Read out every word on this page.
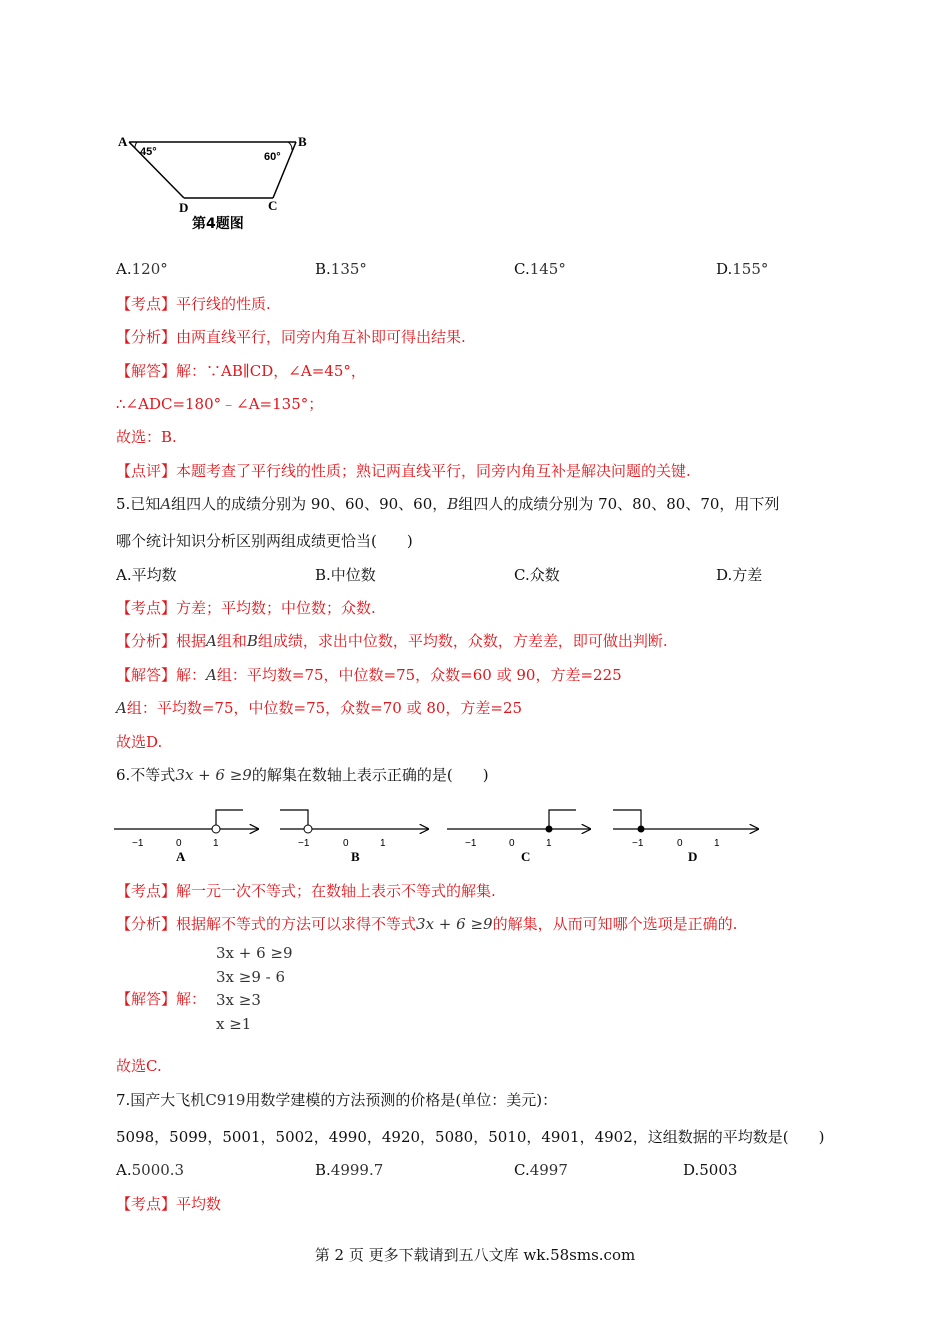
A
45°
B
60°
D	C
第4题图
A.120°	B.135°	C.145°	D.155°
【考点】平行线的性质.
【分析】由两直线平行，同旁内角互补即可得出结果.
【解答】解：∵AB∥CD，∠A=45°，
∴∠ADC=180°﹣∠A=135°；
故选：B.
【点评】本题考查了平行线的性质；熟记两直线平行，同旁内角互补是解决问题的关键.
5.已知A组四人的成绩分别为 90、60、90、60，B组四人的成绩分别为 70、80、80、70，用下列
哪个统计知识分析区别两组成绩更恰当(　　)
A.平均数	B.中位数	C.众数	D.方差
【考点】方差；平均数；中位数；众数.
【分析】根据A组和B组成绩，求出中位数，平均数，众数，方差差，即可做出判断.
【解答】解：A组：平均数=75，中位数=75，众数=60 或 90，方差=225
A组：平均数=75，中位数=75，众数=70 或 80，方差=25
故选D.
6.不等式3x + 6 ≥9的解集在数轴上表示正确的是(　　)
−1	0	1
A
−1	0	1
B
−1	0	1
C
−1	0	1
D
【考点】解一元一次不等式；在数轴上表示不等式的解集.
【分析】根据解不等式的方法可以求得不等式3x + 6 ≥9的解集，从而可知哪个选项是正确的.
3x + 6 ≥9
3x ≥9 - 6
【解答】解： 3x ≥3
x ≥1
故选C.
7.国产大飞机C919用数学建模的方法预测的价格是(单位：美元)：
5098，5099，5001，5002，4990，4920，5080，5010，4901，4902，这组数据的平均数是(　　)
A.5000.3	B.4999.7	C.4997	D.5003
【考点】平均数
第 2 页 更多下载请到五八文库 wk.58sms.com
